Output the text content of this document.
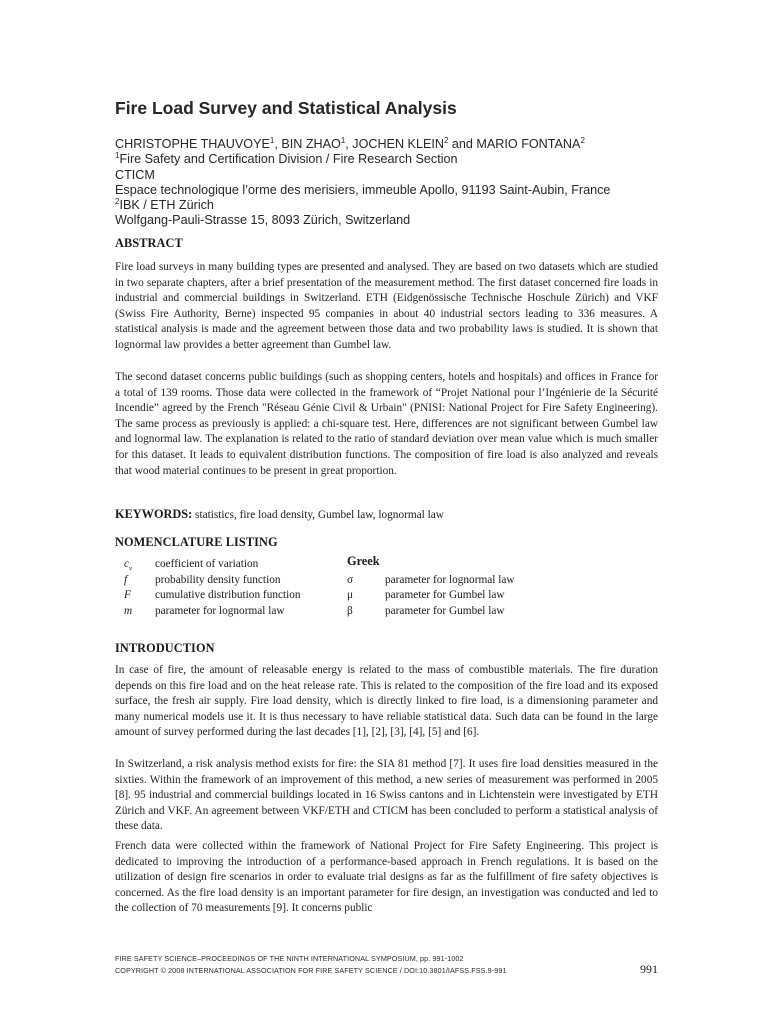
Fire Load Survey and Statistical Analysis
CHRISTOPHE THAUVOYE$^1$, BIN ZHAO$^1$, JOCHEN KLEIN$^2$ and MARIO FONTANA$^2$
$^1$Fire Safety and Certification Division / Fire Research Section
CTICM
Espace technologique l’orme des merisiers, immeuble Apollo, 91193 Saint-Aubin, France
$^2$IBK / ETH Zürich
Wolfgang-Pauli-Strasse 15, 8093 Zürich, Switzerland
ABSTRACT

Fire load surveys in many building types are presented and analysed. They are based on two datasets which are studied in two separate chapters, after a brief presentation of the measurement method. The first dataset concerned fire loads in industrial and commercial buildings in Switzerland. ETH (Eidgenössische Technische Hoschule Zürich) and VKF (Swiss Fire Authority, Berne) inspected 95 companies in about 40 industrial sectors leading to 336 measures. A statistical analysis is made and the agreement between those data and two probability laws is studied. It is shown that lognormal law provides a better agreement than Gumbel law.

The second dataset concerns public buildings (such as shopping centers, hotels and hospitals) and offices in France for a total of 139 rooms. Those data were collected in the framework of “Projet National pour l’Ingénierie de la Sécurité Incendie” agreed by the French "Réseau Génie Civil & Urbain" (PNISI: National Project for Fire Safety Engineering). The same process as previously is applied: a chi-square test. Here, differences are not significant between Gumbel law and lognormal law. The explanation is related to the ratio of standard deviation over mean value which is much smaller for this dataset. It leads to equivalent distribution functions. The composition of fire load is also analyzed and reveals that wood material continues to be present in great proportion.

KEYWORDS: statistics, fire load density, Gumbel law, lognormal law
NOMENCLATURE LISTING
$c_v$ coefficient of variation	Greek
f probability density function	σ	parameter for lognormal law
F cumulative distribution function	μ	parameter for Gumbel law
m parameter for lognormal law	β	parameter for Gumbel law
INTRODUCTION

In case of fire, the amount of releasable energy is related to the mass of combustible materials. The fire duration depends on this fire load and on the heat release rate. This is related to the composition of the fire load and its exposed surface, the fresh air supply. Fire load density, which is directly linked to fire load, is a dimensioning parameter and many numerical models use it. It is thus necessary to have reliable statistical data. Such data can be found in the large amount of survey performed during the last decades [1], [2], [3], [4], [5] and [6].

In Switzerland, a risk analysis method exists for fire: the SIA 81 method [7]. It uses fire load densities measured in the sixties. Within the framework of an improvement of this method, a new series of measurement was performed in 2005 [8]. 95 industrial and commercial buildings located in 16 Swiss cantons and in Lichtenstein were investigated by ETH Zürich and VKF. An agreement between VKF/ETH and CTICM has been concluded to perform a statistical analysis of these data.

French data were collected within the framework of National Project for Fire Safety Engineering. This project is dedicated to improving the introduction of a performance-based approach in French regulations. It is based on the utilization of design fire scenarios in order to evaluate trial designs as far as the fulfillment of fire safety objectives is concerned. As the fire load density is an important parameter for fire design, an investigation was conducted and led to the collection of 70 measurements [9]. It concerns public

FIRE SAFETY SCIENCE–PROCEEDINGS OF THE NINTH INTERNATIONAL SYMPOSIUM, pp. 991-1002
COPYRIGHT © 2008 INTERNATIONAL ASSOCIATION FOR FIRE SAFETY SCIENCE / DOI:10.3801/IAFSS.FSS.9-991	991
